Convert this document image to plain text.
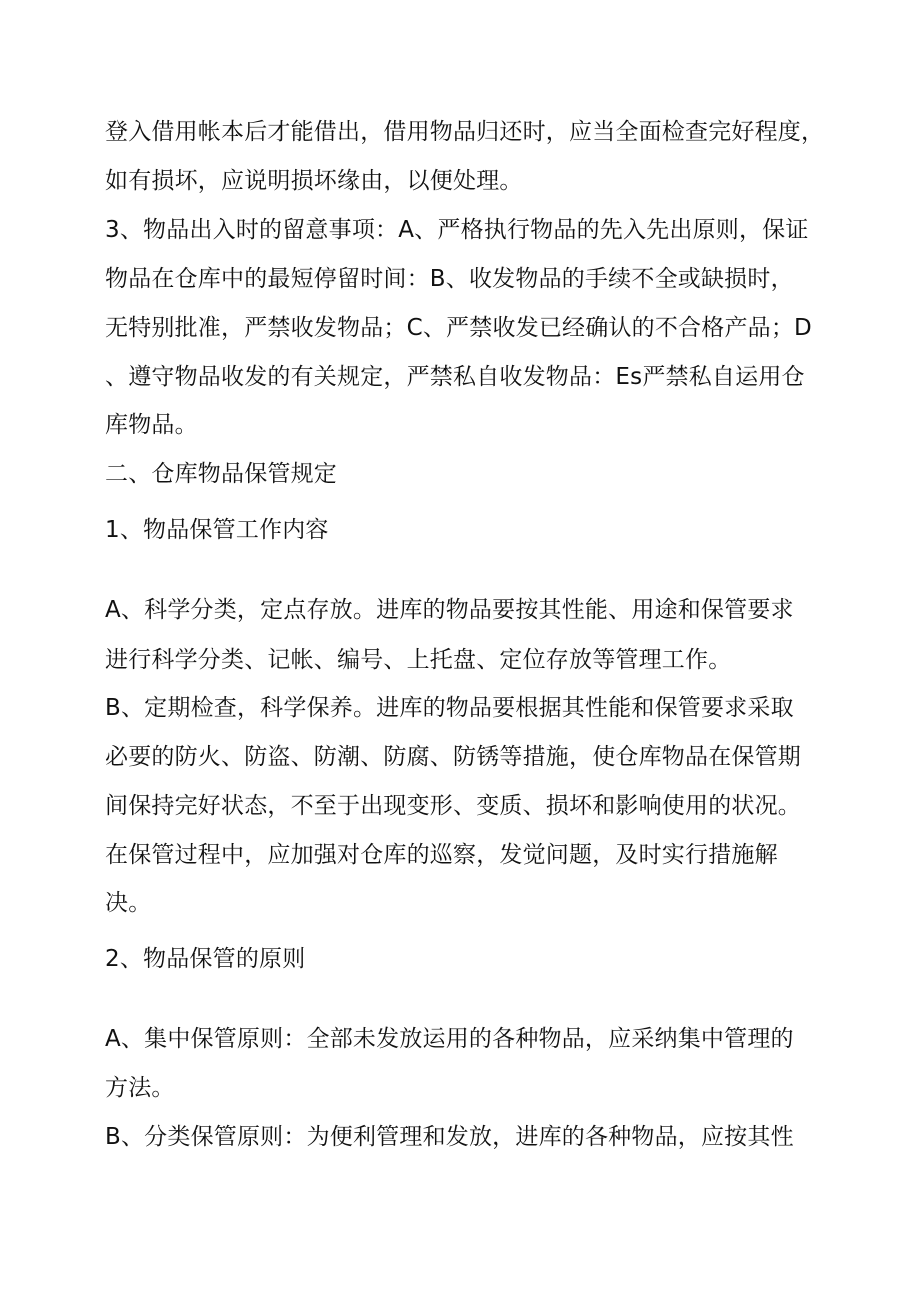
登入借用帐本后才能借出，借用物品归还时，应当全面检查完好程度，
如有损坏，应说明损坏缘由，以便处理。
3、物品出入时的留意事项：A、严格执行物品的先入先出原则，保证
物品在仓库中的最短停留时间：B、收发物品的手续不全或缺损时，
无特别批准，严禁收发物品；C、严禁收发已经确认的不合格产品；D
、遵守物品收发的有关规定，严禁私自收发物品：Es严禁私自运用仓
库物品。
二、仓库物品保管规定
1、物品保管工作内容
A、科学分类，定点存放。进库的物品要按其性能、用途和保管要求
进行科学分类、记帐、编号、上托盘、定位存放等管理工作。
B、定期检查，科学保养。进库的物品要根据其性能和保管要求采取
必要的防火、防盗、防潮、防腐、防锈等措施，使仓库物品在保管期
间保持完好状态，不至于出现变形、变质、损坏和影响使用的状况。
在保管过程中，应加强对仓库的巡察，发觉问题，及时实行措施解
决。
2、物品保管的原则
A、集中保管原则：全部未发放运用的各种物品，应采纳集中管理的
方法。
B、分类保管原则：为便利管理和发放，进库的各种物品，应按其性
